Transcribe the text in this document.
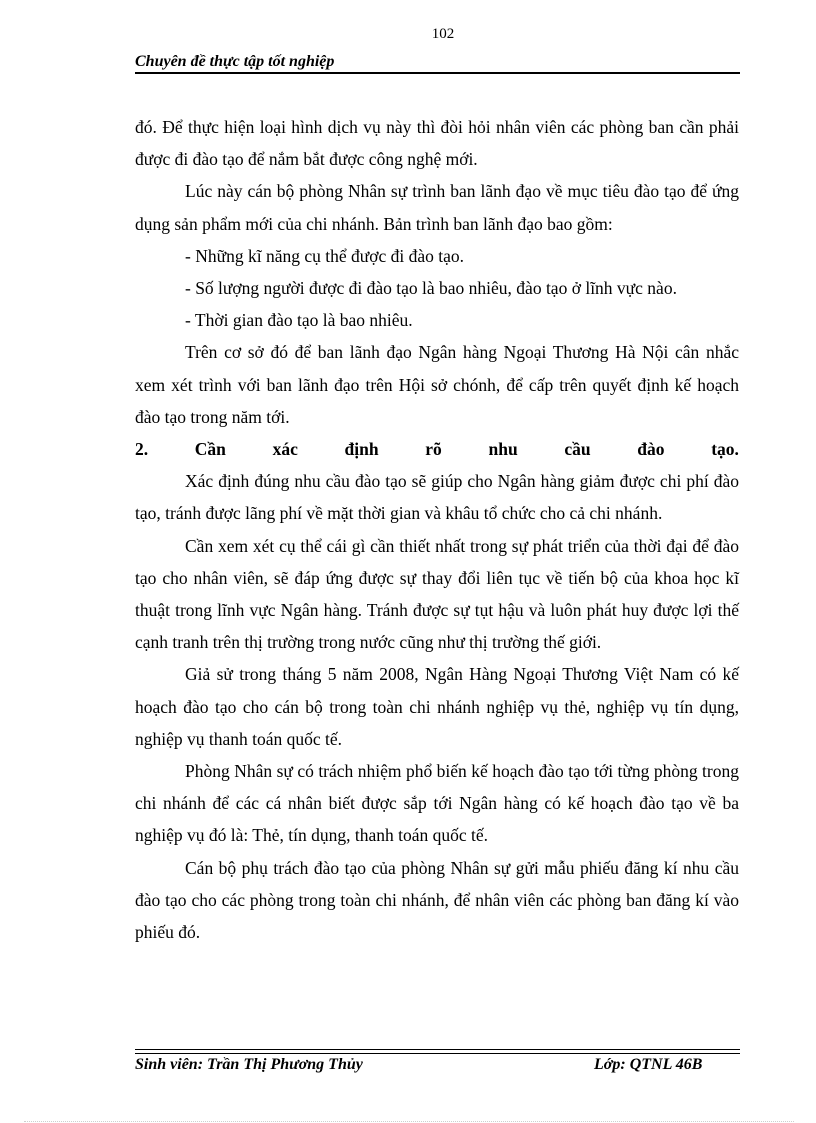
102
Chuyên đề thực tập tốt nghiệp

đó. Để thực hiện loại hình dịch vụ này thì đòi hỏi nhân viên các phòng ban cần phải được đi đào tạo để nắm bắt được công nghệ mới.

Lúc này cán bộ phòng Nhân sự trình ban lãnh đạo về mục tiêu đào tạo để ứng dụng sản phẩm mới của chi nhánh. Bản trình ban lãnh đạo bao gồm:

- Những kĩ năng cụ thể được đi đào tạo.

- Số lượng người được đi đào tạo là bao nhiêu, đào tạo ở lĩnh vực nào.

- Thời gian đào tạo là bao nhiêu.

Trên cơ sở đó để ban lãnh đạo Ngân hàng Ngoại Thương Hà Nội cân nhắc xem xét trình với ban lãnh đạo trên Hội sở chónh, để cấp trên quyết định kế hoạch đào tạo trong năm tới.

2.	Cần	xác	định	rõ	nhu	cầu	đào	tạo.

Xác định đúng nhu cầu đào tạo sẽ giúp cho Ngân hàng giảm được chi phí đào tạo, tránh được lãng phí về mặt thời gian và khâu tổ chức cho cả chi nhánh.

Cần xem xét cụ thể cái gì cần thiết nhất trong sự phát triển của thời đại để đào tạo cho nhân viên, sẽ đáp ứng được sự thay đổi liên tục về tiến bộ của khoa học kĩ thuật trong lĩnh vực Ngân hàng. Tránh được sự tụt hậu và luôn phát huy được lợi thế cạnh tranh trên thị trường trong nước cũng như thị trường thế giới.

Giả sử trong tháng 5 năm 2008, Ngân Hàng Ngoại Thương Việt Nam có kế hoạch đào tạo cho cán bộ trong toàn chi nhánh nghiệp vụ thẻ, nghiệp vụ tín dụng, nghiệp vụ thanh toán quốc tế.

Phòng Nhân sự có trách nhiệm phổ biến kế hoạch đào tạo tới từng phòng trong chi nhánh để các cá nhân biết được sắp tới Ngân hàng có kế hoạch đào tạo về ba nghiệp vụ đó là: Thẻ, tín dụng, thanh toán quốc tế.

Cán bộ phụ trách đào tạo của phòng Nhân sự gửi mẫu phiếu đăng kí nhu cầu đào tạo cho các phòng trong toàn chi nhánh, để nhân viên các phòng ban đăng kí vào phiếu đó.

Sinh viên: Trần Thị Phương Thủy	Lớp: QTNL 46B
